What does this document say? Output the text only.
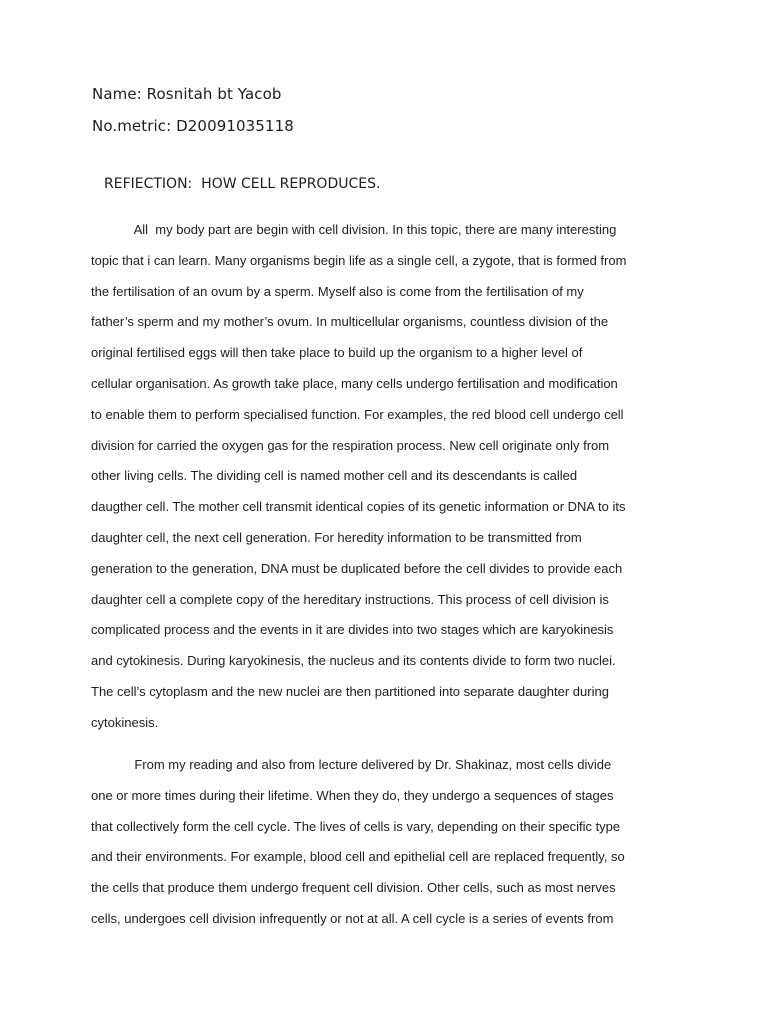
Name: Rosnitah bt Yacob
No.metric: D20091035118
REFIECTION:  HOW CELL REPRODUCES.
All  my body part are begin with cell division. In this topic, there are many interesting
topic that i can learn. Many organisms begin life as a single cell, a zygote, that is formed from
the fertilisation of an ovum by a sperm. Myself also is come from the fertilisation of my
father’s sperm and my mother’s ovum. In multicellular organisms, countless division of the
original fertilised eggs will then take place to build up the organism to a higher level of
cellular organisation. As growth take place, many cells undergo fertilisation and modification
to enable them to perform specialised function. For examples, the red blood cell undergo cell
division for carried the oxygen gas for the respiration process. New cell originate only from
other living cells. The dividing cell is named mother cell and its descendants is called
daugther cell. The mother cell transmit identical copies of its genetic information or DNA to its
daughter cell, the next cell generation. For heredity information to be transmitted from
generation to the generation, DNA must be duplicated before the cell divides to provide each
daughter cell a complete copy of the hereditary instructions. This process of cell division is
complicated process and the events in it are divides into two stages which are karyokinesis
and cytokinesis. During karyokinesis, the nucleus and its contents divide to form two nuclei.
The cell’s cytoplasm and the new nuclei are then partitioned into separate daughter during
cytokinesis.
From my reading and also from lecture delivered by Dr. Shakinaz, most cells divide
one or more times during their lifetime. When they do, they undergo a sequences of stages
that collectively form the cell cycle. The lives of cells is vary, depending on their specific type
and their environments. For example, blood cell and epithelial cell are replaced frequently, so
the cells that produce them undergo frequent cell division. Other cells, such as most nerves
cells, undergoes cell division infrequently or not at all. A cell cycle is a series of events from
